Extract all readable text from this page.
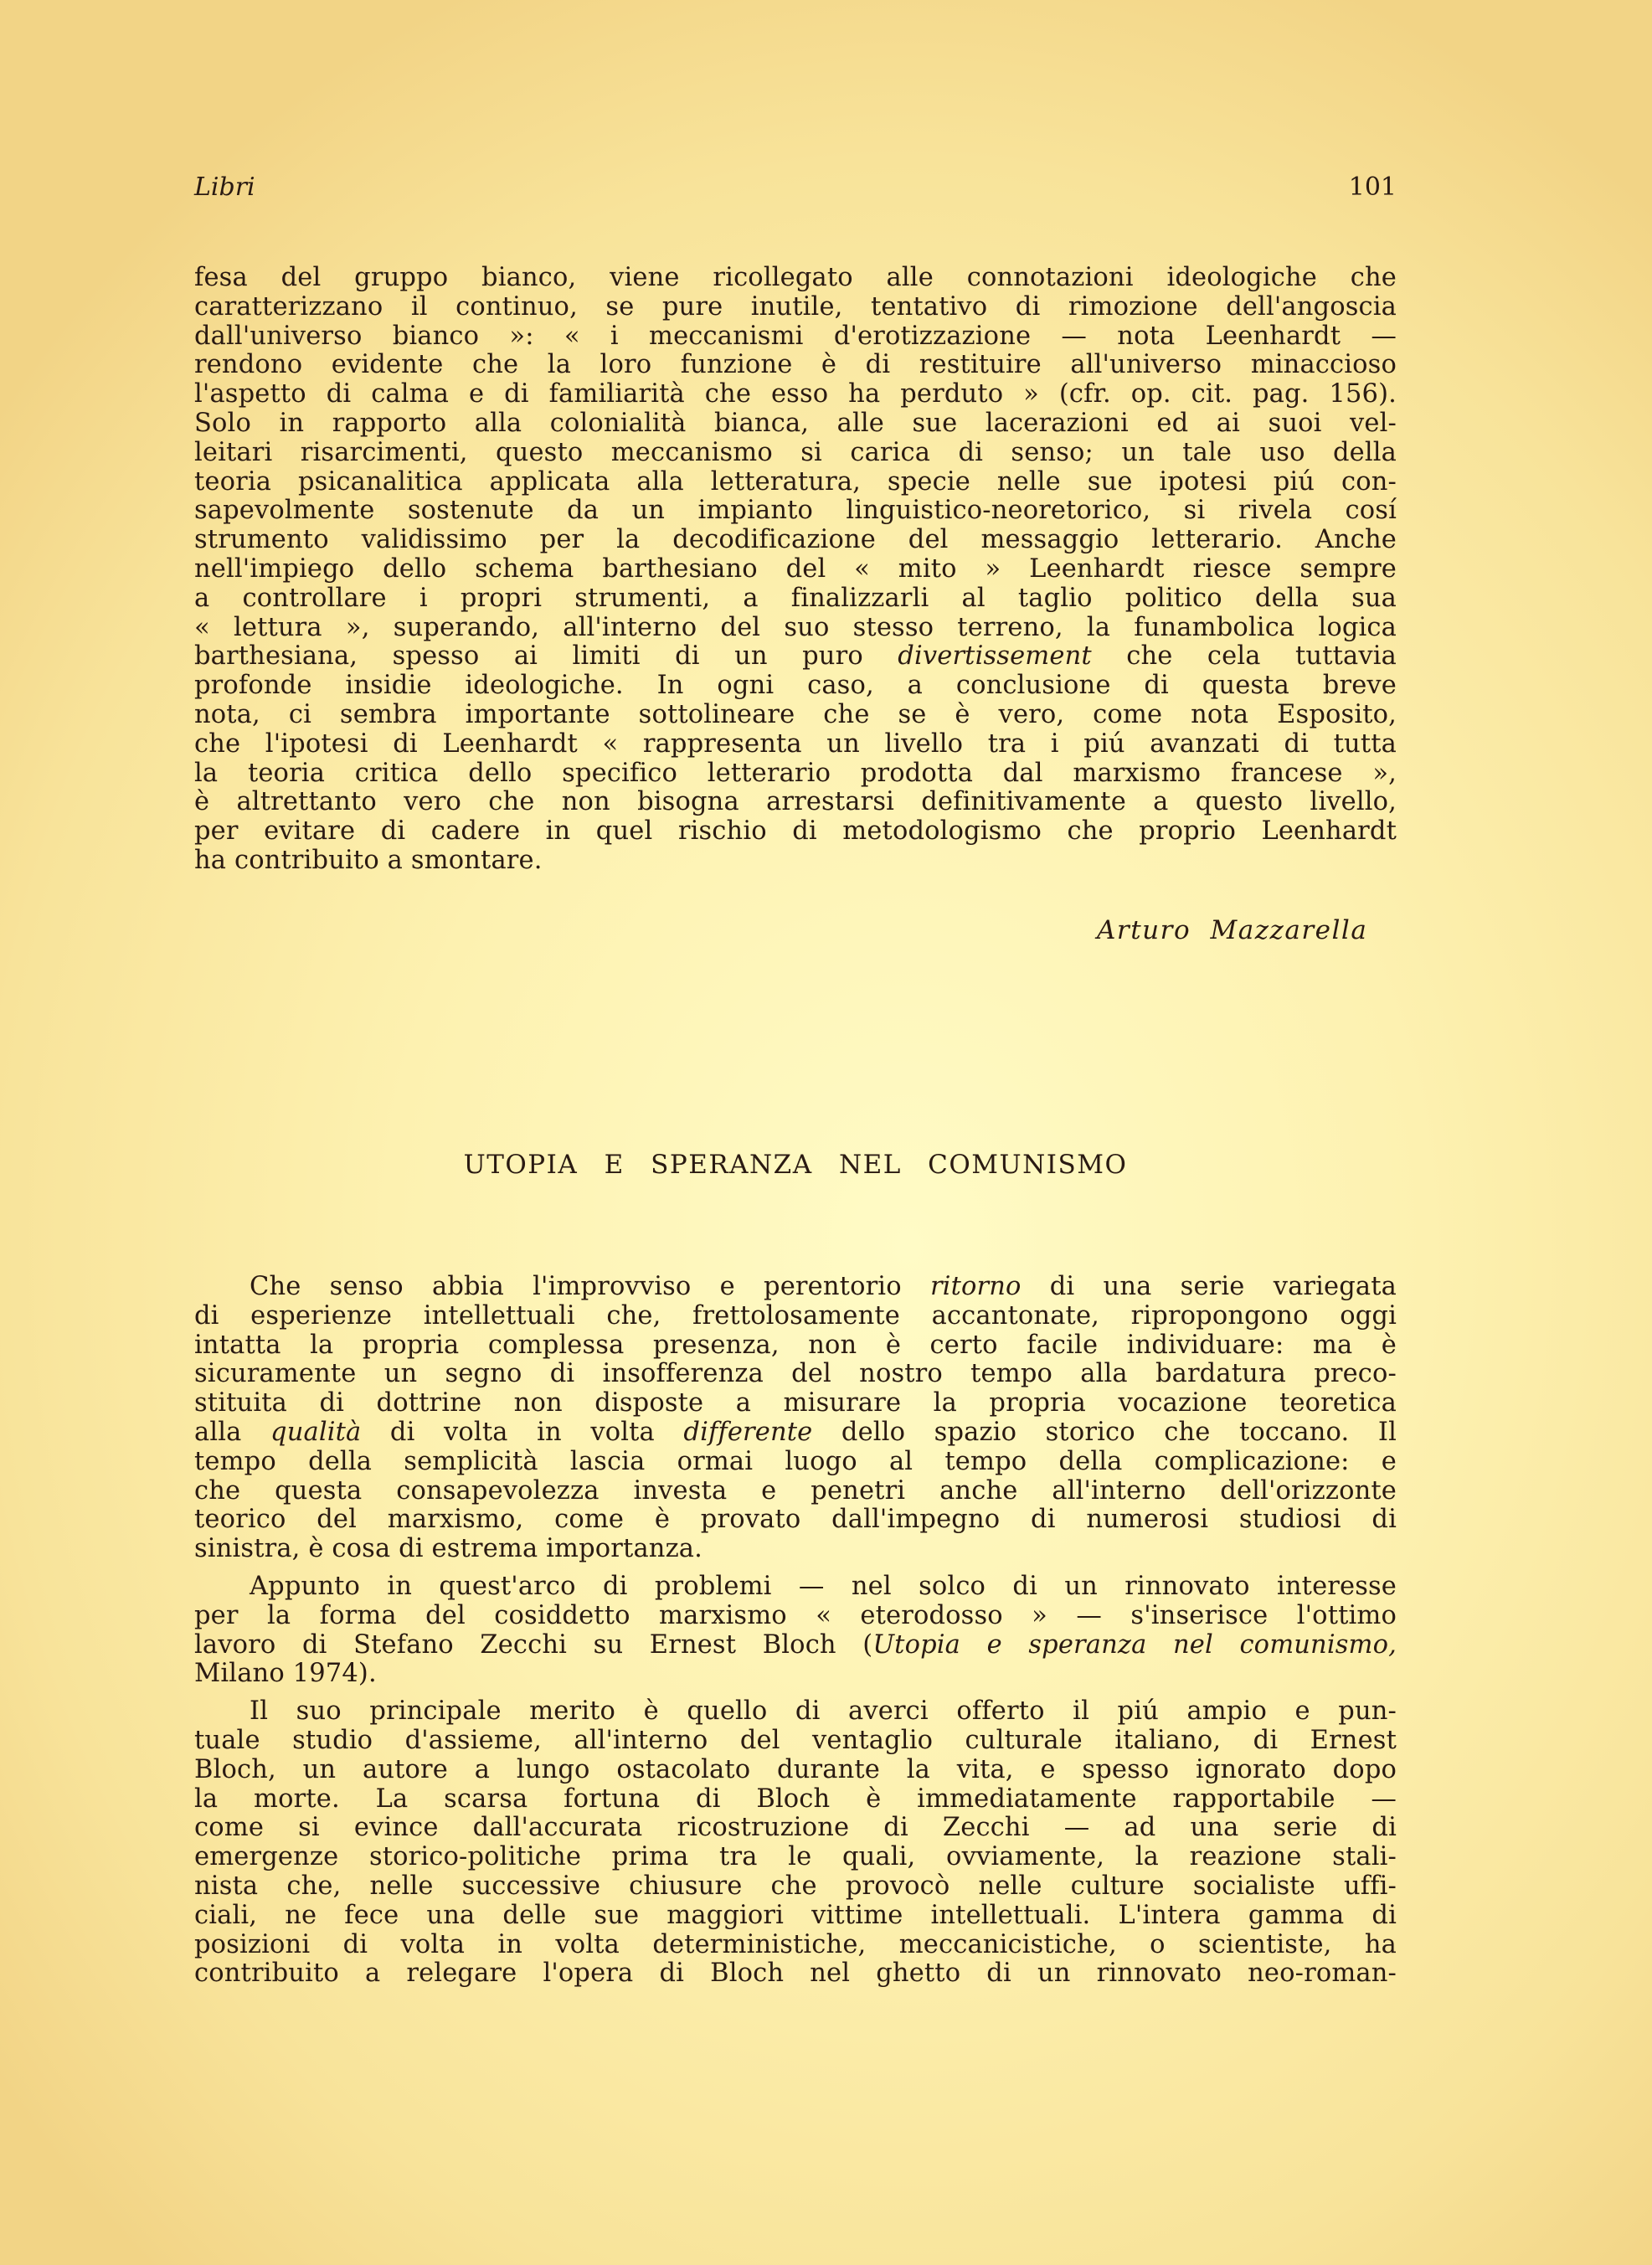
Libri	101
fesa del gruppo bianco, viene ricollegato alle connotazioni ideologiche che
caratterizzano il continuo, se pure inutile, tentativo di rimozione dell'angoscia
dall'universo bianco »: « i meccanismi d'erotizzazione — nota Leenhardt —
rendono evidente che la loro funzione è di restituire all'universo minaccioso
l'aspetto di calma e di familiarità che esso ha perduto » (cfr. op. cit. pag. 156).
Solo in rapporto alla colonialità bianca, alle sue lacerazioni ed ai suoi vel-
leitari risarcimenti, questo meccanismo si carica di senso; un tale uso della
teoria psicanalitica applicata alla letteratura, specie nelle sue ipotesi piú con-
sapevolmente sostenute da un impianto linguistico-neoretorico, si rivela cosí
strumento validissimo per la decodificazione del messaggio letterario. Anche
nell'impiego dello schema barthesiano del « mito » Leenhardt riesce sempre
a controllare i propri strumenti, a finalizzarli al taglio politico della sua
« lettura », superando, all'interno del suo stesso terreno, la funambolica logica
barthesiana, spesso ai limiti di un puro divertissement che cela tuttavia
profonde insidie ideologiche. In ogni caso, a conclusione di questa breve
nota, ci sembra importante sottolineare che se è vero, come nota Esposito,
che l'ipotesi di Leenhardt « rappresenta un livello tra i piú avanzati di tutta
la teoria critica dello specifico letterario prodotta dal marxismo francese »,
è altrettanto vero che non bisogna arrestarsi definitivamente a questo livello,
per evitare di cadere in quel rischio di metodologismo che proprio Leenhardt
ha contribuito a smontare.
Arturo Mazzarella
UTOPIA E SPERANZA NEL COMUNISMO
Che senso abbia l'improvviso e perentorio ritorno di una serie variegata
di esperienze intellettuali che, frettolosamente accantonate, ripropongono oggi
intatta la propria complessa presenza, non è certo facile individuare: ma è
sicuramente un segno di insofferenza del nostro tempo alla bardatura preco-
stituita di dottrine non disposte a misurare la propria vocazione teoretica
alla qualità di volta in volta differente dello spazio storico che toccano. Il
tempo della semplicità lascia ormai luogo al tempo della complicazione: e
che questa consapevolezza investa e penetri anche all'interno dell'orizzonte
teorico del marxismo, come è provato dall'impegno di numerosi studiosi di
sinistra, è cosa di estrema importanza.
Appunto in quest'arco di problemi — nel solco di un rinnovato interesse
per la forma del cosiddetto marxismo « eterodosso » — s'inserisce l'ottimo
lavoro di Stefano Zecchi su Ernest Bloch (Utopia e speranza nel comunismo,
Milano 1974).
Il suo principale merito è quello di averci offerto il piú ampio e pun-
tuale studio d'assieme, all'interno del ventaglio culturale italiano, di Ernest
Bloch, un autore a lungo ostacolato durante la vita, e spesso ignorato dopo
la morte. La scarsa fortuna di Bloch è immediatamente rapportabile —
come si evince dall'accurata ricostruzione di Zecchi — ad una serie di
emergenze storico-politiche prima tra le quali, ovviamente, la reazione stali-
nista che, nelle successive chiusure che provocò nelle culture socialiste uffi-
ciali, ne fece una delle sue maggiori vittime intellettuali. L'intera gamma di
posizioni di volta in volta deterministiche, meccanicistiche, o scientiste, ha
contribuito a relegare l'opera di Bloch nel ghetto di un rinnovato neo-roman-
